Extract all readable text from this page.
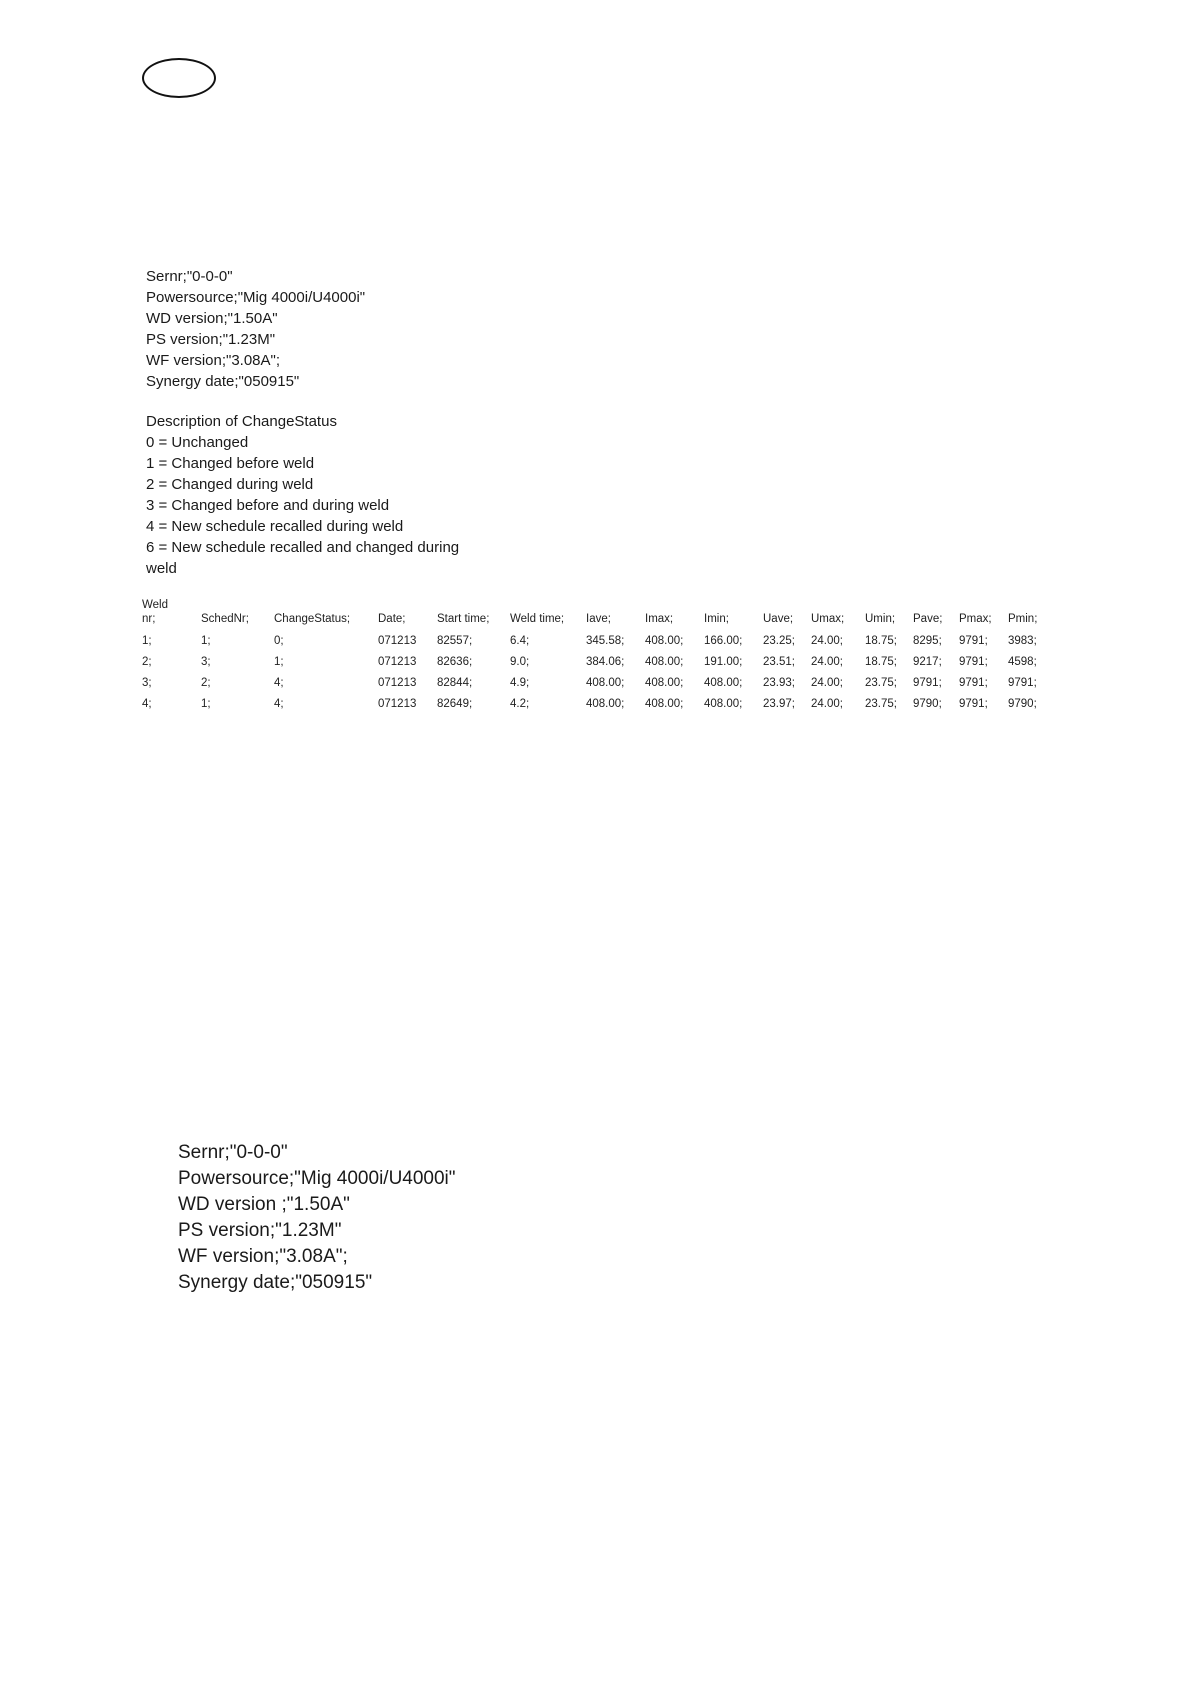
Sernr;"0-0-0"
Powersource;"Mig 4000i/U4000i"
WD version;"1.50A"
PS version;"1.23M"
WF version;"3.08A";
Synergy date;"050915"
Description of ChangeStatus
0 = Unchanged
1 = Changed before weld
2 = Changed during weld
3 = Changed before and during weld
4 = New schedule recalled during weld
6 = New schedule recalled and changed during
weld
Weld
nr;	SchedNr;	ChangeStatus;	Date;	Start time;	Weld time;	Iave;	Imax;	Imin;	Uave;	Umax;	Umin;	Pave;	Pmax;	Pmin;
1;	1;	0;	071213	82557;	6.4;	345.58;	408.00;	166.00;	23.25;	24.00;	18.75;	8295;	9791;	3983;
2;	3;	1;	071213	82636;	9.0;	384.06;	408.00;	191.00;	23.51;	24.00;	18.75;	9217;	9791;	4598;
3;	2;	4;	071213	82844;	4.9;	408.00;	408.00;	408.00;	23.93;	24.00;	23.75;	9791;	9791;	9791;
4;	1;	4;	071213	82649;	4.2;	408.00;	408.00;	408.00;	23.97;	24.00;	23.75;	9790;	9791;	9790;
Sernr;"0-0-0"
Powersource;"Mig 4000i/U4000i"
WD version ;"1.50A"
PS version;"1.23M"
WF version;"3.08A";
Synergy date;"050915"
